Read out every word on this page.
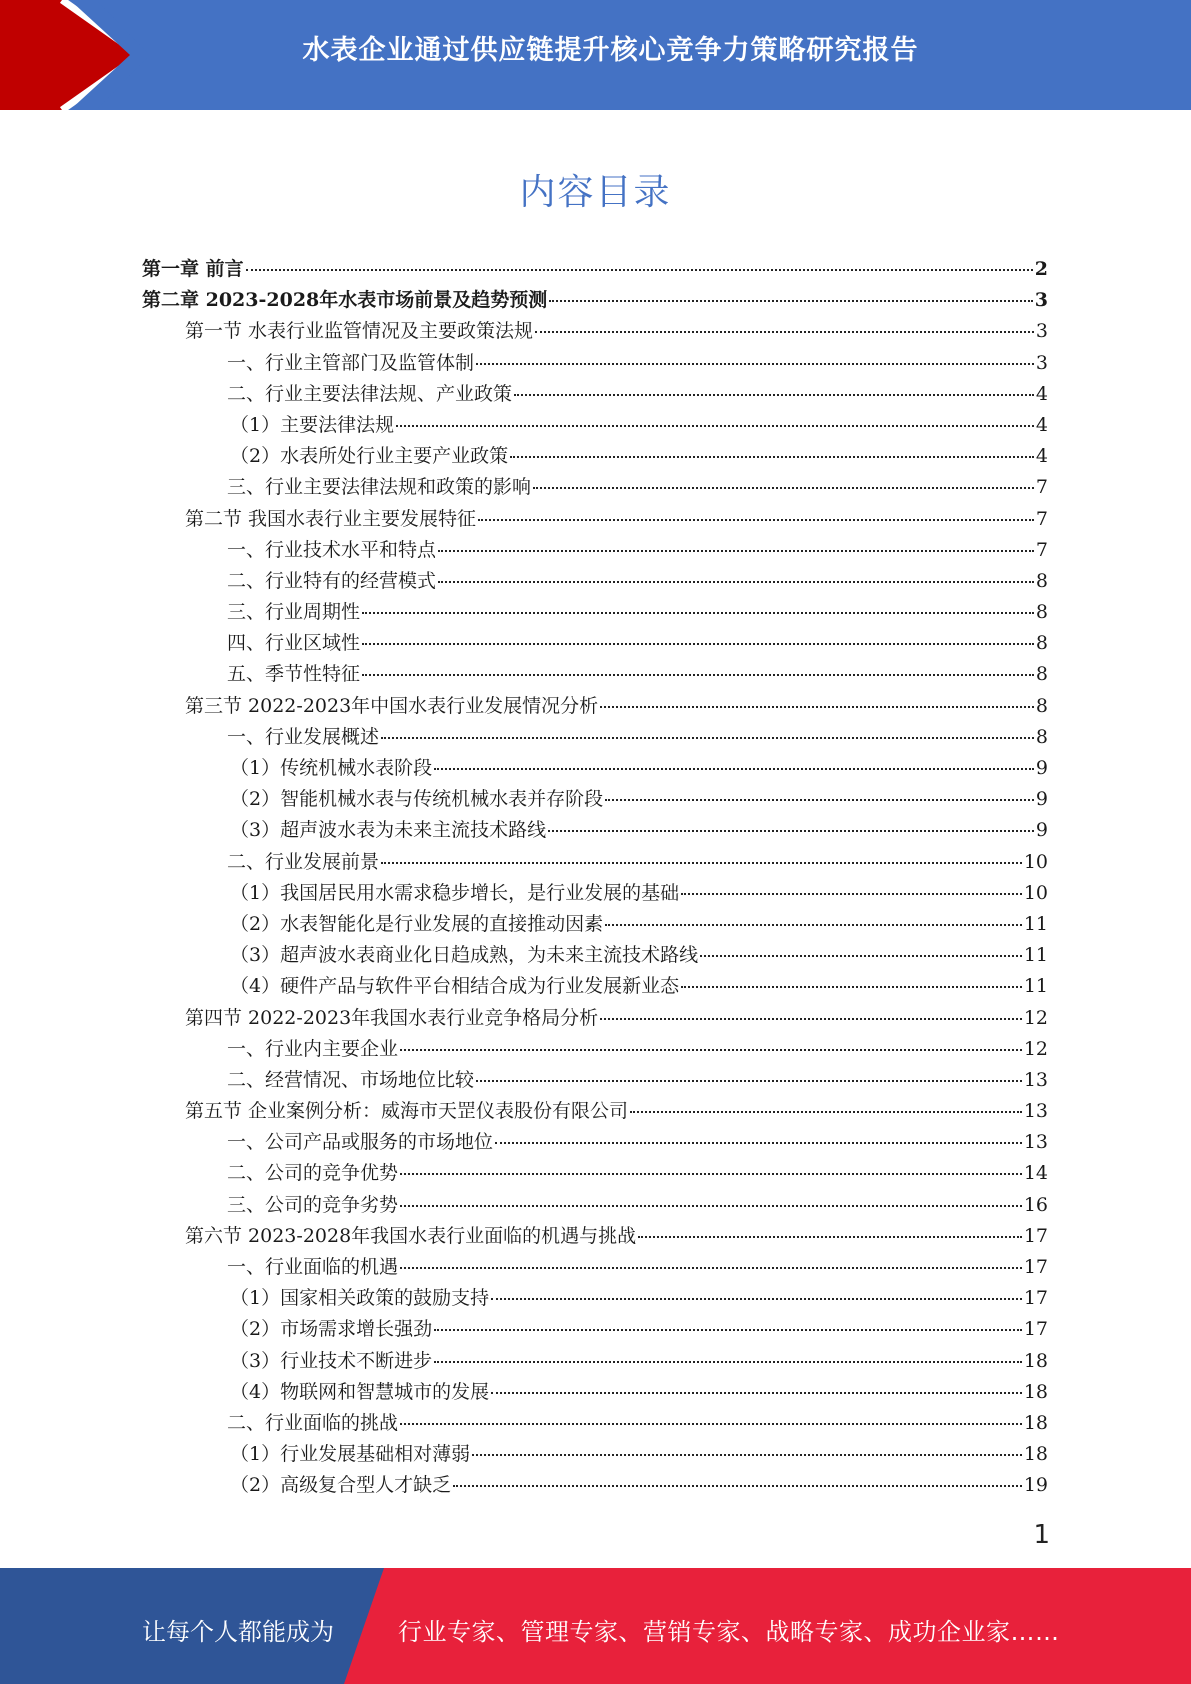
水表企业通过供应链提升核心竞争力策略研究报告
内容目录
第一章 前言	2
第二章 2023-2028年水表市场前景及趋势预测	3
第一节 水表行业监管情况及主要政策法规	3
一、行业主管部门及监管体制	3
二、行业主要法律法规、产业政策	4
（1）主要法律法规	4
（2）水表所处行业主要产业政策	4
三、行业主要法律法规和政策的影响	7
第二节 我国水表行业主要发展特征	7
一、行业技术水平和特点	7
二、行业特有的经营模式	8
三、行业周期性	8
四、行业区域性	8
五、季节性特征	8
第三节 2022-2023年中国水表行业发展情况分析	8
一、行业发展概述	8
（1）传统机械水表阶段	9
（2）智能机械水表与传统机械水表并存阶段	9
（3）超声波水表为未来主流技术路线	9
二、行业发展前景	10
（1）我国居民用水需求稳步增长，是行业发展的基础	10
（2）水表智能化是行业发展的直接推动因素	11
（3）超声波水表商业化日趋成熟，为未来主流技术路线	11
（4）硬件产品与软件平台相结合成为行业发展新业态	11
第四节 2022-2023年我国水表行业竞争格局分析	12
一、行业内主要企业	12
二、经营情况、市场地位比较	13
第五节 企业案例分析：威海市天罡仪表股份有限公司	13
一、公司产品或服务的市场地位	13
二、公司的竞争优势	14
三、公司的竞争劣势	16
第六节 2023-2028年我国水表行业面临的机遇与挑战	17
一、行业面临的机遇	17
（1）国家相关政策的鼓励支持	17
（2）市场需求增长强劲	17
（3）行业技术不断进步	18
（4）物联网和智慧城市的发展	18
二、行业面临的挑战	18
（1）行业发展基础相对薄弱	18
（2）高级复合型人才缺乏	19
1
让每个人都能成为	行业专家、管理专家、营销专家、战略专家、成功企业家……
